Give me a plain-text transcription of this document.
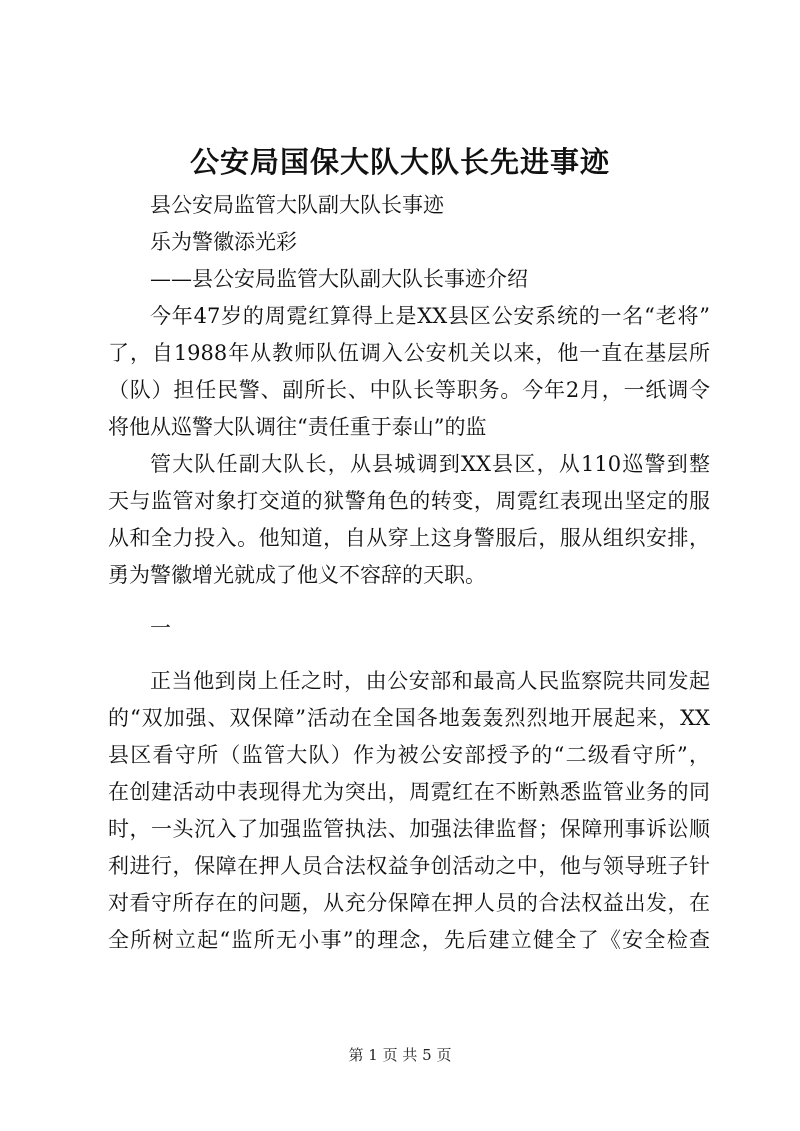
公安局国保大队大队长先进事迹

县公安局监管大队副大队长事迹

乐为警徽添光彩

——县公安局监管大队副大队长事迹介绍

今年47岁的周霓红算得上是XX县区公安系统的一名“老将”
了，自1988年从教师队伍调入公安机关以来，他一直在基层所
（队）担任民警、副所长、中队长等职务。今年2月，一纸调令
将他从巡警大队调往“责任重于泰山”的监
管大队任副大队长，从县城调到XX县区，从110巡警到整
天与监管对象打交道的狱警角色的转变，周霓红表现出坚定的服
从和全力投入。他知道，自从穿上这身警服后，服从组织安排，
勇为警徽增光就成了他义不容辞的天职。

一

正当他到岗上任之时，由公安部和最高人民监察院共同发起
的“双加强、双保障”活动在全国各地轰轰烈烈地开展起来，XX
县区看守所（监管大队）作为被公安部授予的“二级看守所”，
在创建活动中表现得尤为突出，周霓红在不断熟悉监管业务的同
时，一头沉入了加强监管执法、加强法律监督；保障刑事诉讼顺
利进行，保障在押人员合法权益争创活动之中，他与领导班子针
对看守所存在的问题，从充分保障在押人员的合法权益出发，在
全所树立起“监所无小事”的理念，先后建立健全了《安全检查
第 1 页 共 5 页
